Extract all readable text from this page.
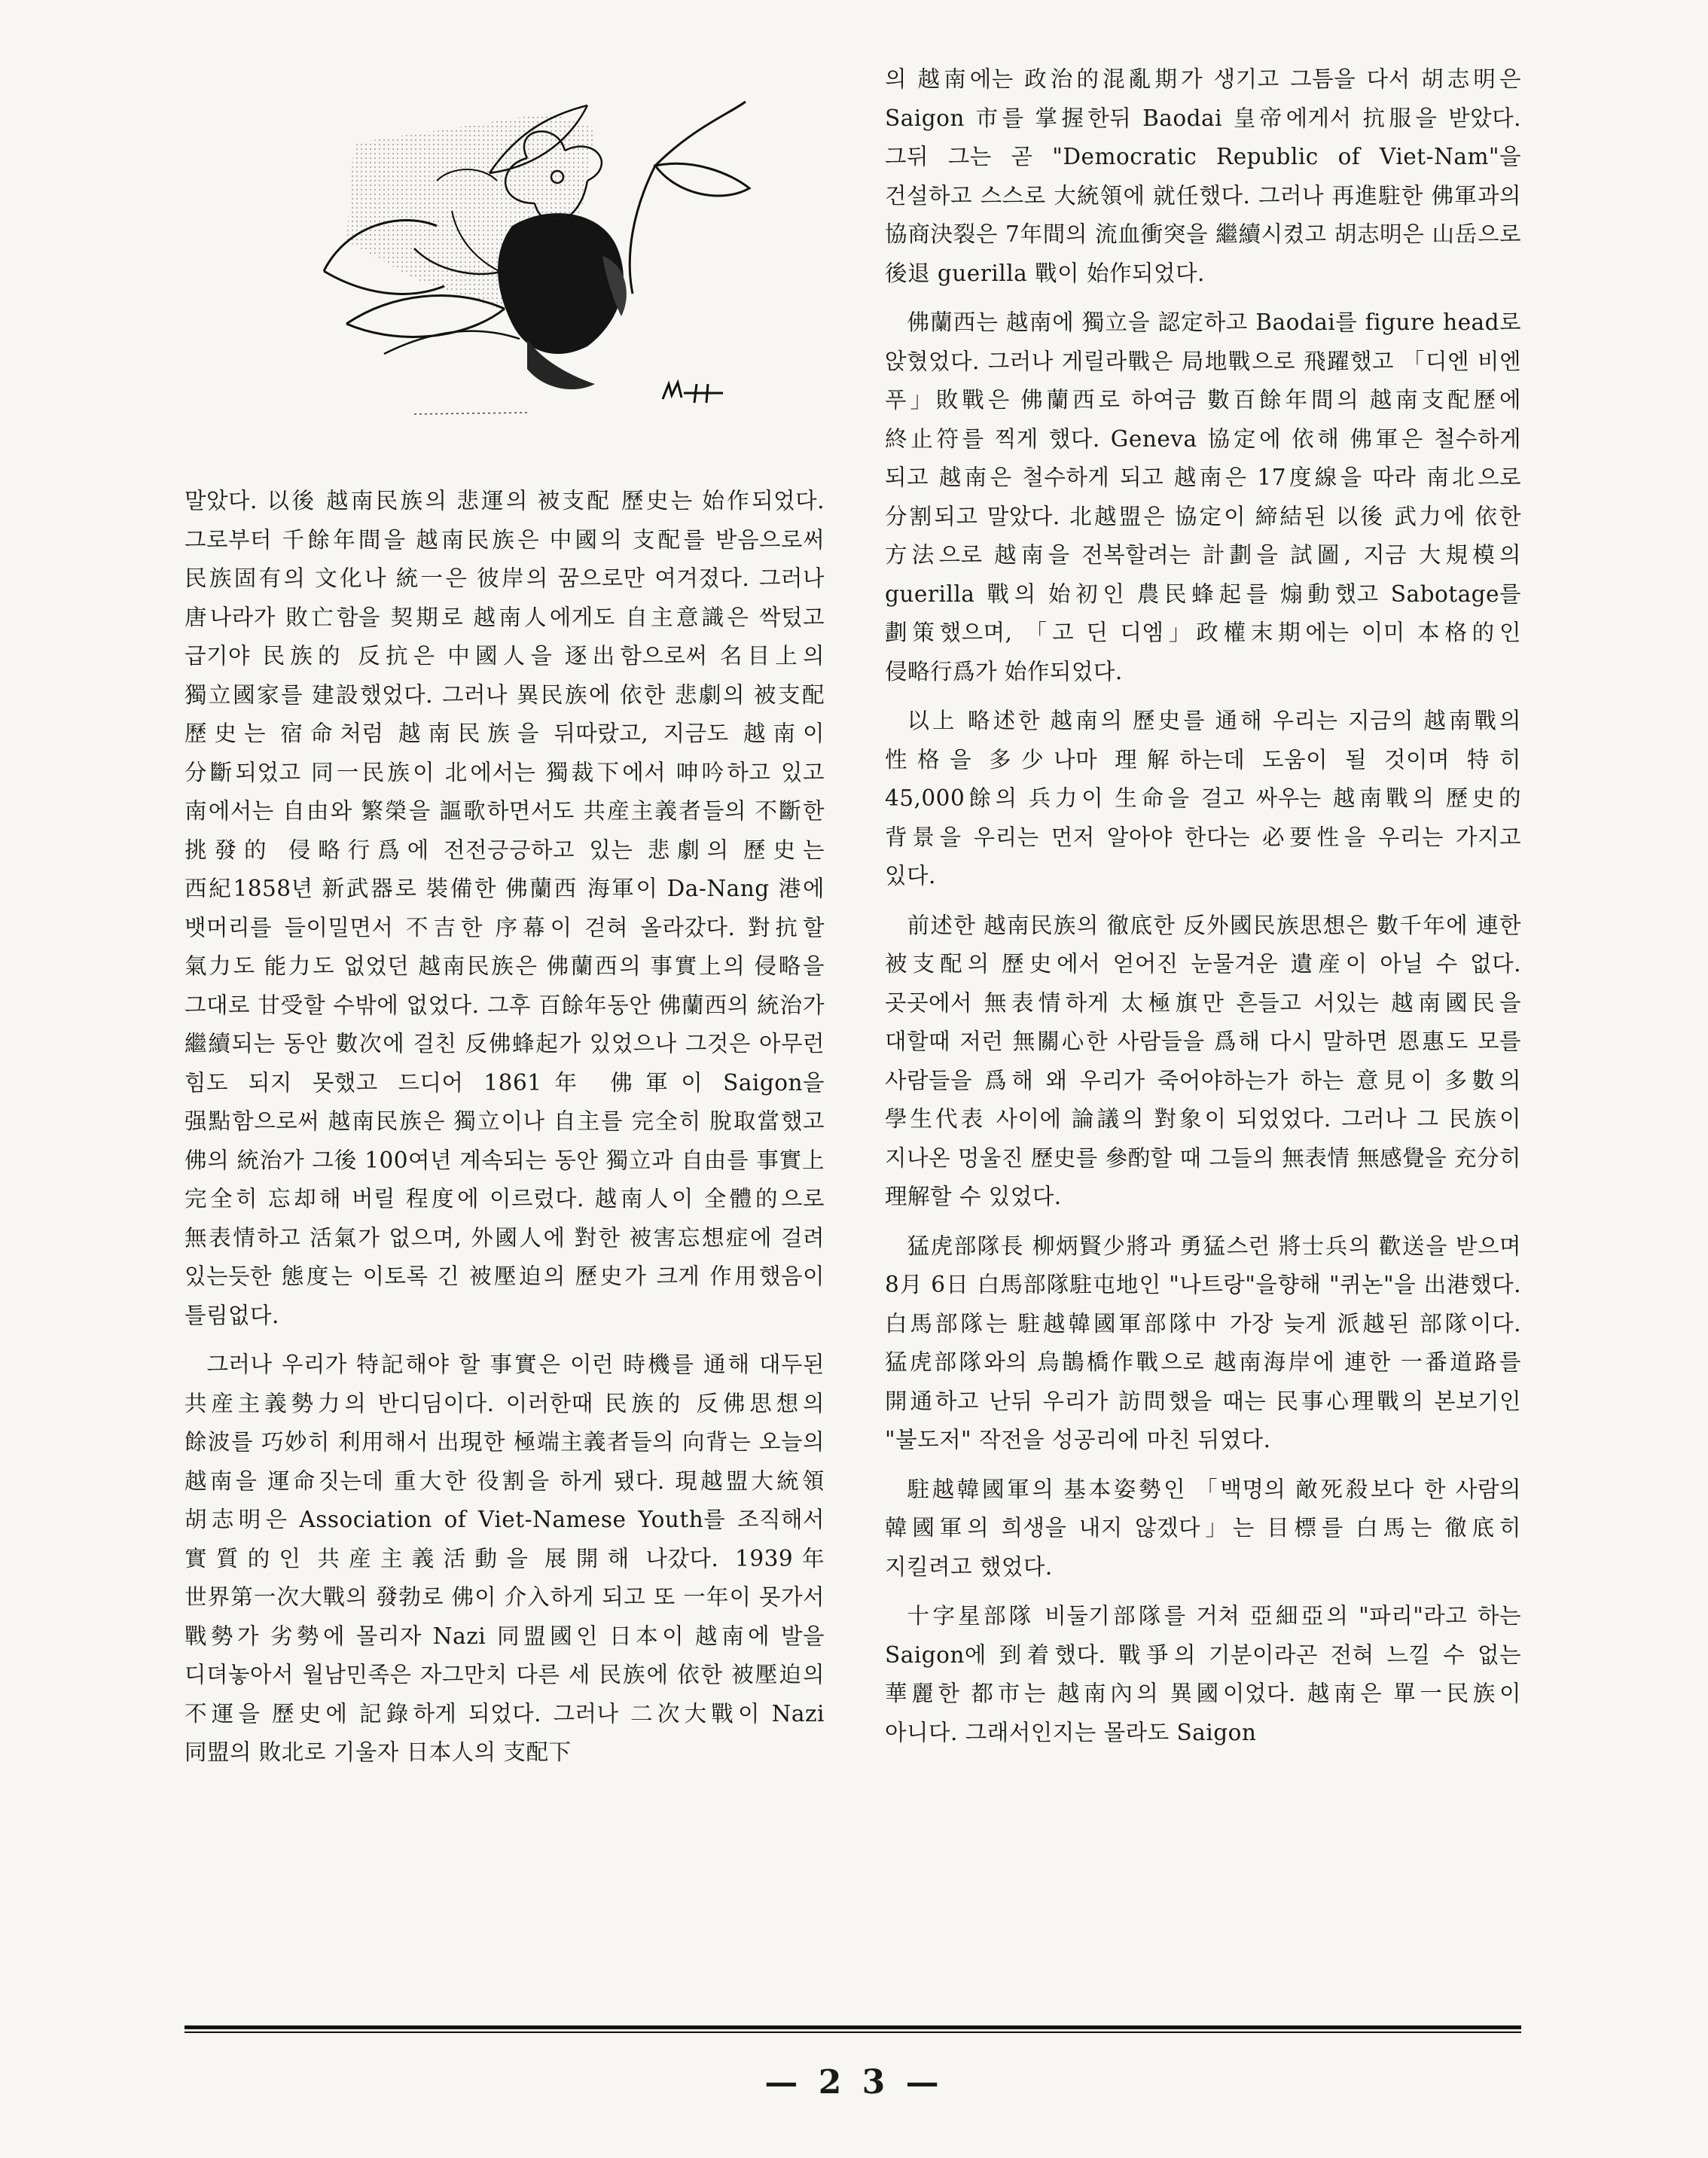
말았다. 以後 越南民族의 悲運의 被支配 歷史는 始作되었다. 그로부터 千餘年間을 越南民族은 中國의 支配를 받음으로써 民族固有의 文化나 統一은 彼岸의 꿈으로만 여겨졌다. 그러나 唐나라가 敗亡함을 契期로 越南人에게도 自主意識은 싹텄고 급기야 民族的 反抗은 中國人을 逐出함으로써 名目上의 獨立國家를 建設했었다. 그러나 異民族에 依한 悲劇의 被支配 歷史는 宿命처럼 越南民族을 뒤따랐고, 지금도 越南이 分斷되었고 同一民族이 北에서는 獨裁下에서 呻吟하고 있고 南에서는 自由와 繁榮을 謳歌하면서도 共産主義者들의 不斷한 挑發的 侵略行爲에 전전긍긍하고 있는 悲劇의 歷史는 西紀1858년 新武器로 裝備한 佛蘭西 海軍이 Da-Nang 港에 뱃머리를 들이밀면서 不吉한 序幕이 걷혀 올라갔다. 對抗할 氣力도 能力도 없었던 越南民族은 佛蘭西의 事實上의 侵略을 그대로 甘受할 수밖에 없었다. 그후 百餘年동안 佛蘭西의 統治가 繼續되는 동안 數次에 걸친 反佛蜂起가 있었으나 그것은 아무런 힘도 되지 못했고 드디어 1861年 佛軍이 Saigon을 强點함으로써 越南民族은 獨立이나 自主를 完全히 脫取當했고 佛의 統治가 그後 100여년 계속되는 동안 獨立과 自由를 事實上 完全히 忘却해 버릴 程度에 이르렀다. 越南人이 全體的으로 無表情하고 活氣가 없으며, 外國人에 對한 被害忘想症에 걸려 있는듯한 態度는 이토록 긴 被壓迫의 歷史가 크게 作用했음이 틀림없다.

그러나 우리가 特記해야 할 事實은 이런 時機를 通해 대두된 共産主義勢力의 반디딤이다. 이러한때 民族的 反佛思想의 餘波를 巧妙히 利用해서 出現한 極端主義者들의 向背는 오늘의 越南을 運命짓는데 重大한 役割을 하게 됐다. 現越盟大統領 胡志明은 Association of Viet-Namese Youth를 조직해서 實質的인 共産主義活動을 展開해 나갔다. 1939年 世界第一次大戰의 發勃로 佛이 介入하게 되고 또 一年이 못가서 戰勢가 劣勢에 몰리자 Nazi 同盟國인 日本이 越南에 발을 디뎌놓아서 월남민족은 자그만치 다른 세 民族에 依한 被壓迫의 不運을 歷史에 記錄하게 되었다. 그러나 二次大戰이 Nazi 同盟의 敗北로 기울자 日本人의 支配下

의 越南에는 政治的混亂期가 생기고 그틈을 다서 胡志明은 Saigon 市를 掌握한뒤 Baodai 皇帝에게서 抗服을 받았다. 그뒤 그는 곧 "Democratic Republic of Viet-Nam"을 건설하고 스스로 大統領에 就任했다. 그러나 再進駐한 佛軍과의 協商決裂은 7年間의 流血衝突을 繼續시켰고 胡志明은 山岳으로 後退 guerilla 戰이 始作되었다.

佛蘭西는 越南에 獨立을 認定하고 Baodai를 figure head로 앉혔었다. 그러나 게릴라戰은 局地戰으로 飛躍했고 「디엔 비엔 푸」敗戰은 佛蘭西로 하여금 數百餘年間의 越南支配歷에 終止符를 찍게 했다. Geneva 協定에 依해 佛軍은 철수하게 되고 越南은 철수하게 되고 越南은 17度線을 따라 南北으로 分割되고 말았다. 北越盟은 協定이 締結된 以後 武力에 依한 方法으로 越南을 전복할려는 計劃을 試圖, 지금 大規模의 guerilla 戰의 始初인 農民蜂起를 煽動했고 Sabotage를 劃策했으며, 「고 딘 디엠」政權末期에는 이미 本格的인 侵略行爲가 始作되었다.

以上 略述한 越南의 歷史를 通해 우리는 지금의 越南戰의 性格을 多少나마 理解하는데 도움이 될 것이며 特히 45,000餘의 兵力이 生命을 걸고 싸우는 越南戰의 歷史的 背景을 우리는 먼저 알아야 한다는 必要性을 우리는 가지고 있다.

前述한 越南民族의 徹底한 反外國民族思想은 數千年에 連한 被支配의 歷史에서 얻어진 눈물겨운 遺産이 아닐 수 없다. 곳곳에서 無表情하게 太極旗만 흔들고 서있는 越南國民을 대할때 저런 無關心한 사람들을 爲해 다시 말하면 恩惠도 모를 사람들을 爲해 왜 우리가 죽어야하는가 하는 意見이 多數의 學生代表 사이에 論議의 對象이 되었었다. 그러나 그 民族이 지나온 멍울진 歷史를 參酌할 때 그들의 無表情 無感覺을 充分히 理解할 수 있었다.

猛虎部隊長 柳炳賢少將과 勇猛스런 將士兵의 歡送을 받으며 8月 6日 白馬部隊駐屯地인 "나트랑"을향해 "퀴논"을 出港했다. 白馬部隊는 駐越韓國軍部隊中 가장 늦게 派越된 部隊이다. 猛虎部隊와의 烏鵲橋作戰으로 越南海岸에 連한 一番道路를 開通하고 난뒤 우리가 訪問했을 때는 民事心理戰의 본보기인 "불도저" 작전을 성공리에 마친 뒤였다.

駐越韓國軍의 基本姿勢인 「백명의 敵死殺보다 한 사람의 韓國軍의 희생을 내지 않겠다」는 目標를 白馬는 徹底히 지킬려고 했었다.

十字星部隊 비둘기部隊를 거쳐 亞細亞의 "파리"라고 하는 Saigon에 到着했다. 戰爭의 기분이라곤 전혀 느낄 수 없는 華麗한 都市는 越南內의 異國이었다. 越南은 單一民族이 아니다. 그래서인지는 몰라도 Saigon

— 2 3 —
